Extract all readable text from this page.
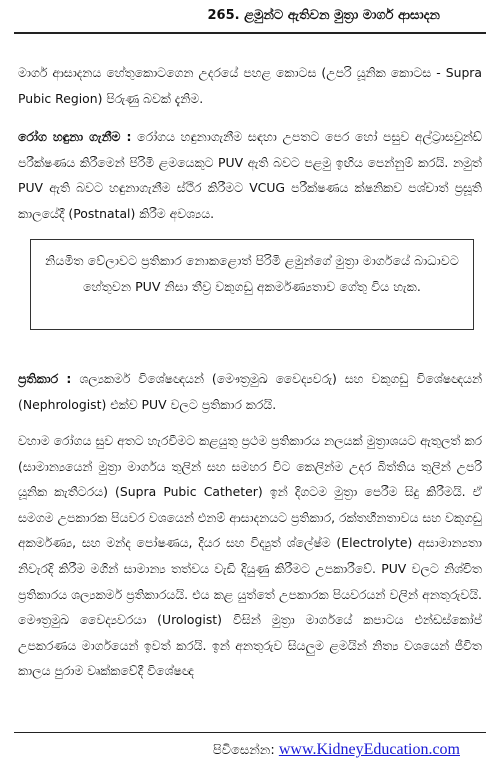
265. ළමුන්ට ඇතිවන මුත්‍රා මාර්ග ආසාදන
මාර්ග ආසාදනය හේතුකොටගෙන උදරයේ පහළ කොටස (උපරි යූනික කොටස - Supra Pubic Region) පිරුණු බවක් දැනිම.
රෝග හඳුනා ගැනීම : රෝගය හඳුනාගැනීම සඳහා උපතට පෙර හෝ පසුව අල්ට්‍රාසවුන්ඩ් පරීක්ෂණය කිරීමෙන් පිරිමි ළමයෙකුට PUV ඇති බවට පළමු ඉඟිය පෙන්නුම් කරයි. නමුත් PUV ඇති බවට හඳුනාගැනීම ස්ථිර කිරීමට VCUG පරීක්ෂණය ක්ෂනිකව පශ්චාත් ප්‍රසූති කාලයේදී (Postnatal) කිරීම අවශ්‍යය.
නියමිත වේලාවට ප්‍රතිකාර නොකළොත් පිරිමි ළමුන්ගේ මුත්‍රා මාර්ගයේ බාධාවට හේතුවන PUV නිසා තීව්‍ර වකුගඩු අකර්මණ්‍යතාව ගේතු විය හැක.
ප්‍රතිකාර : ශල්‍යකර්ම විශේෂඥයන් (මෞත්‍රමුඛ වෛද්‍යවරු) සහ වකුගඩු විශේෂඥයන් (Nephrologist) එක්ව PUV වලට ප්‍රතිකාර කරයි.
වහාම රෝගය සුව අතට හැරවීමට කළයුතු ප්‍රථම ප්‍රතිකාරය නලයක් මුත්‍රාශයට ඇතුලත් කර (සාමාන්‍යයෙන් මුත්‍රා මාර්ගය තුලින් සහ සමහර විට කෙලින්ම උදර බිත්තිය තුලින් උපරි යූනික කැතීටරය) (Supra Pubic Catheter) ඉන් දිගටම මුත්‍රා පෙරීම සිදු කිරීමයි. ඒ සමගම උපකාරක පියවර වශයෙන් එනම් ආසාදනයට ප්‍රතිකාර, රක්තහීනතාවය සහ වකුගඩු අකර්මණ්‍ය, සහ මන්ද පෝෂණය, දියර සහ විද්‍යුත් ශ්ලේෂ්ම (Electrolyte) අසාමාන්‍යතා නිවැරදි කිරීම මගින් සාමාන්‍ය තත්වය වැඩි දියුණු කිරීමට උපකාරීවේ. PUV වලට නිශ්චිත ප්‍රතිකාරය ශල්‍යකර්ම ප්‍රතිකාරයයි. එය කළ යුත්තේ උපකාරක පියවරයන් වලින් අනතුරුවයි. මෞත්‍රමුඛ වෛද්‍යවරයා (Urologist) විසින් මුත්‍රා මාර්ගයේ කපාටය එන්ඩස්කෝප් උපකරණය මාර්ගයෙන් ඉවත් කරයි. ඉන් අනතුරුව සියලුම ළමයින් නිත්‍ය වශයෙන් ජීවිත කාලය පුරාම වෘක්කවේදී විශේෂඥ
පිවිසෙන්න: www.KidneyEducation.com
